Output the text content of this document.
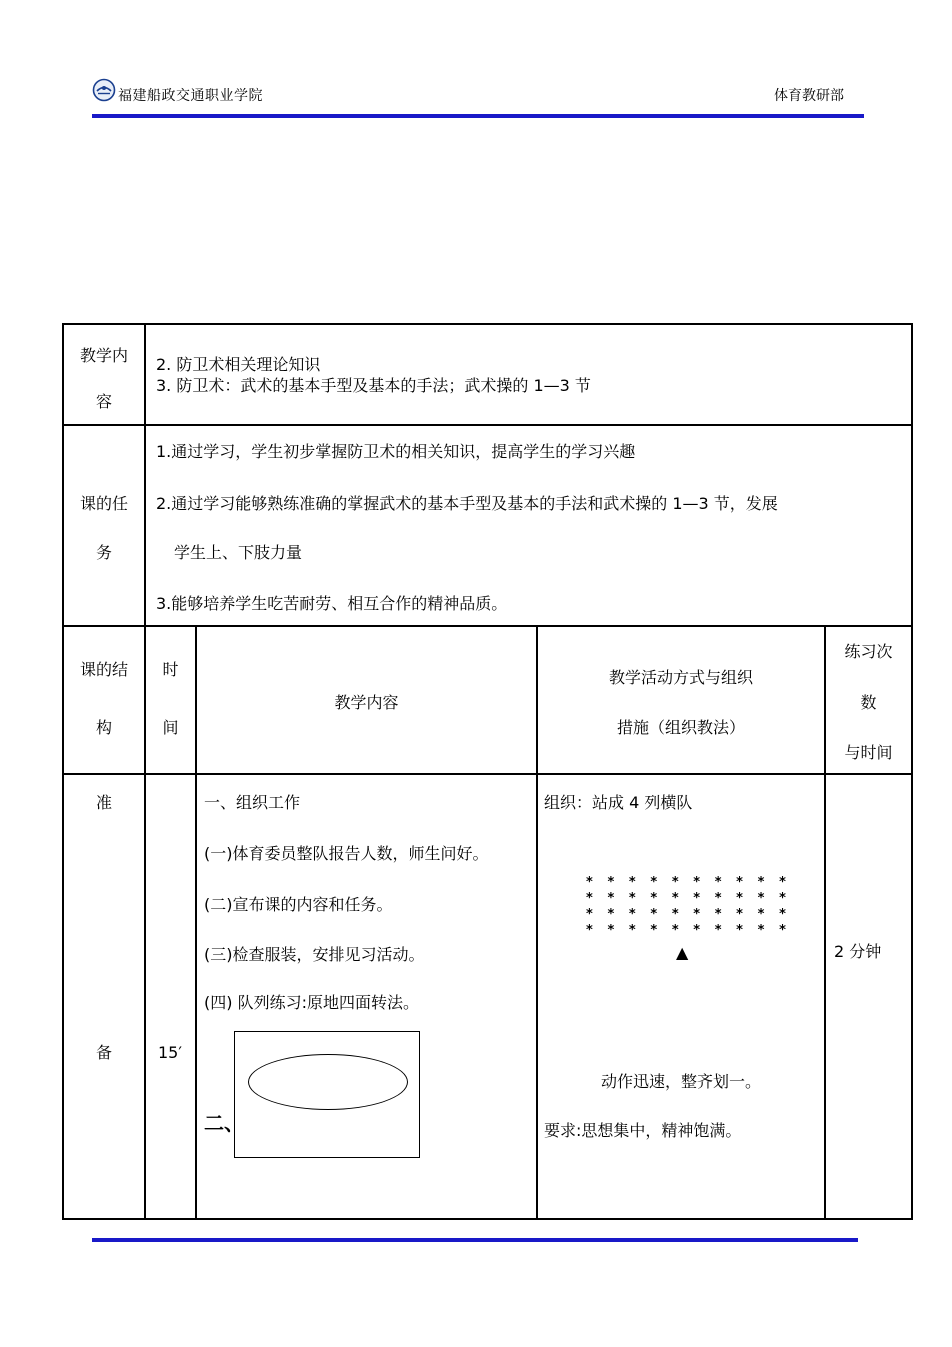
福建船政交通职业学院	体育教研部
教学内
容
2. 防卫术相关理论知识
3. 防卫术：武术的基本手型及基本的手法；武术操的 1—3 节
课的任
务
1.通过学习，学生初步掌握防卫术的相关知识，提高学生的学习兴趣
2.通过学习能够熟练准确的掌握武术的基本手型及基本的手法和武术操的 1—3 节，发展
学生上、下肢力量
3.能够培养学生吃苦耐劳、相互合作的精神品质。
课的结
构
时
间
教学内容
教学活动方式与组织
措施（组织教法）
练习次
数
与时间
准
备	15′
一、组织工作
(一)体育委员整队报告人数，师生问好。
(二)宣布课的内容和任务。
(三)检查服装，安排见习活动。
(四) 队列练习:原地四面转法。
二、
组织：站成 4 列横队
* * * * * * * * * *
* * * * * * * * * *
* * * * * * * * * *
* * * * * * * * * *
▲
动作迅速，整齐划一。
要求:思想集中，精神饱满。
2 分钟
